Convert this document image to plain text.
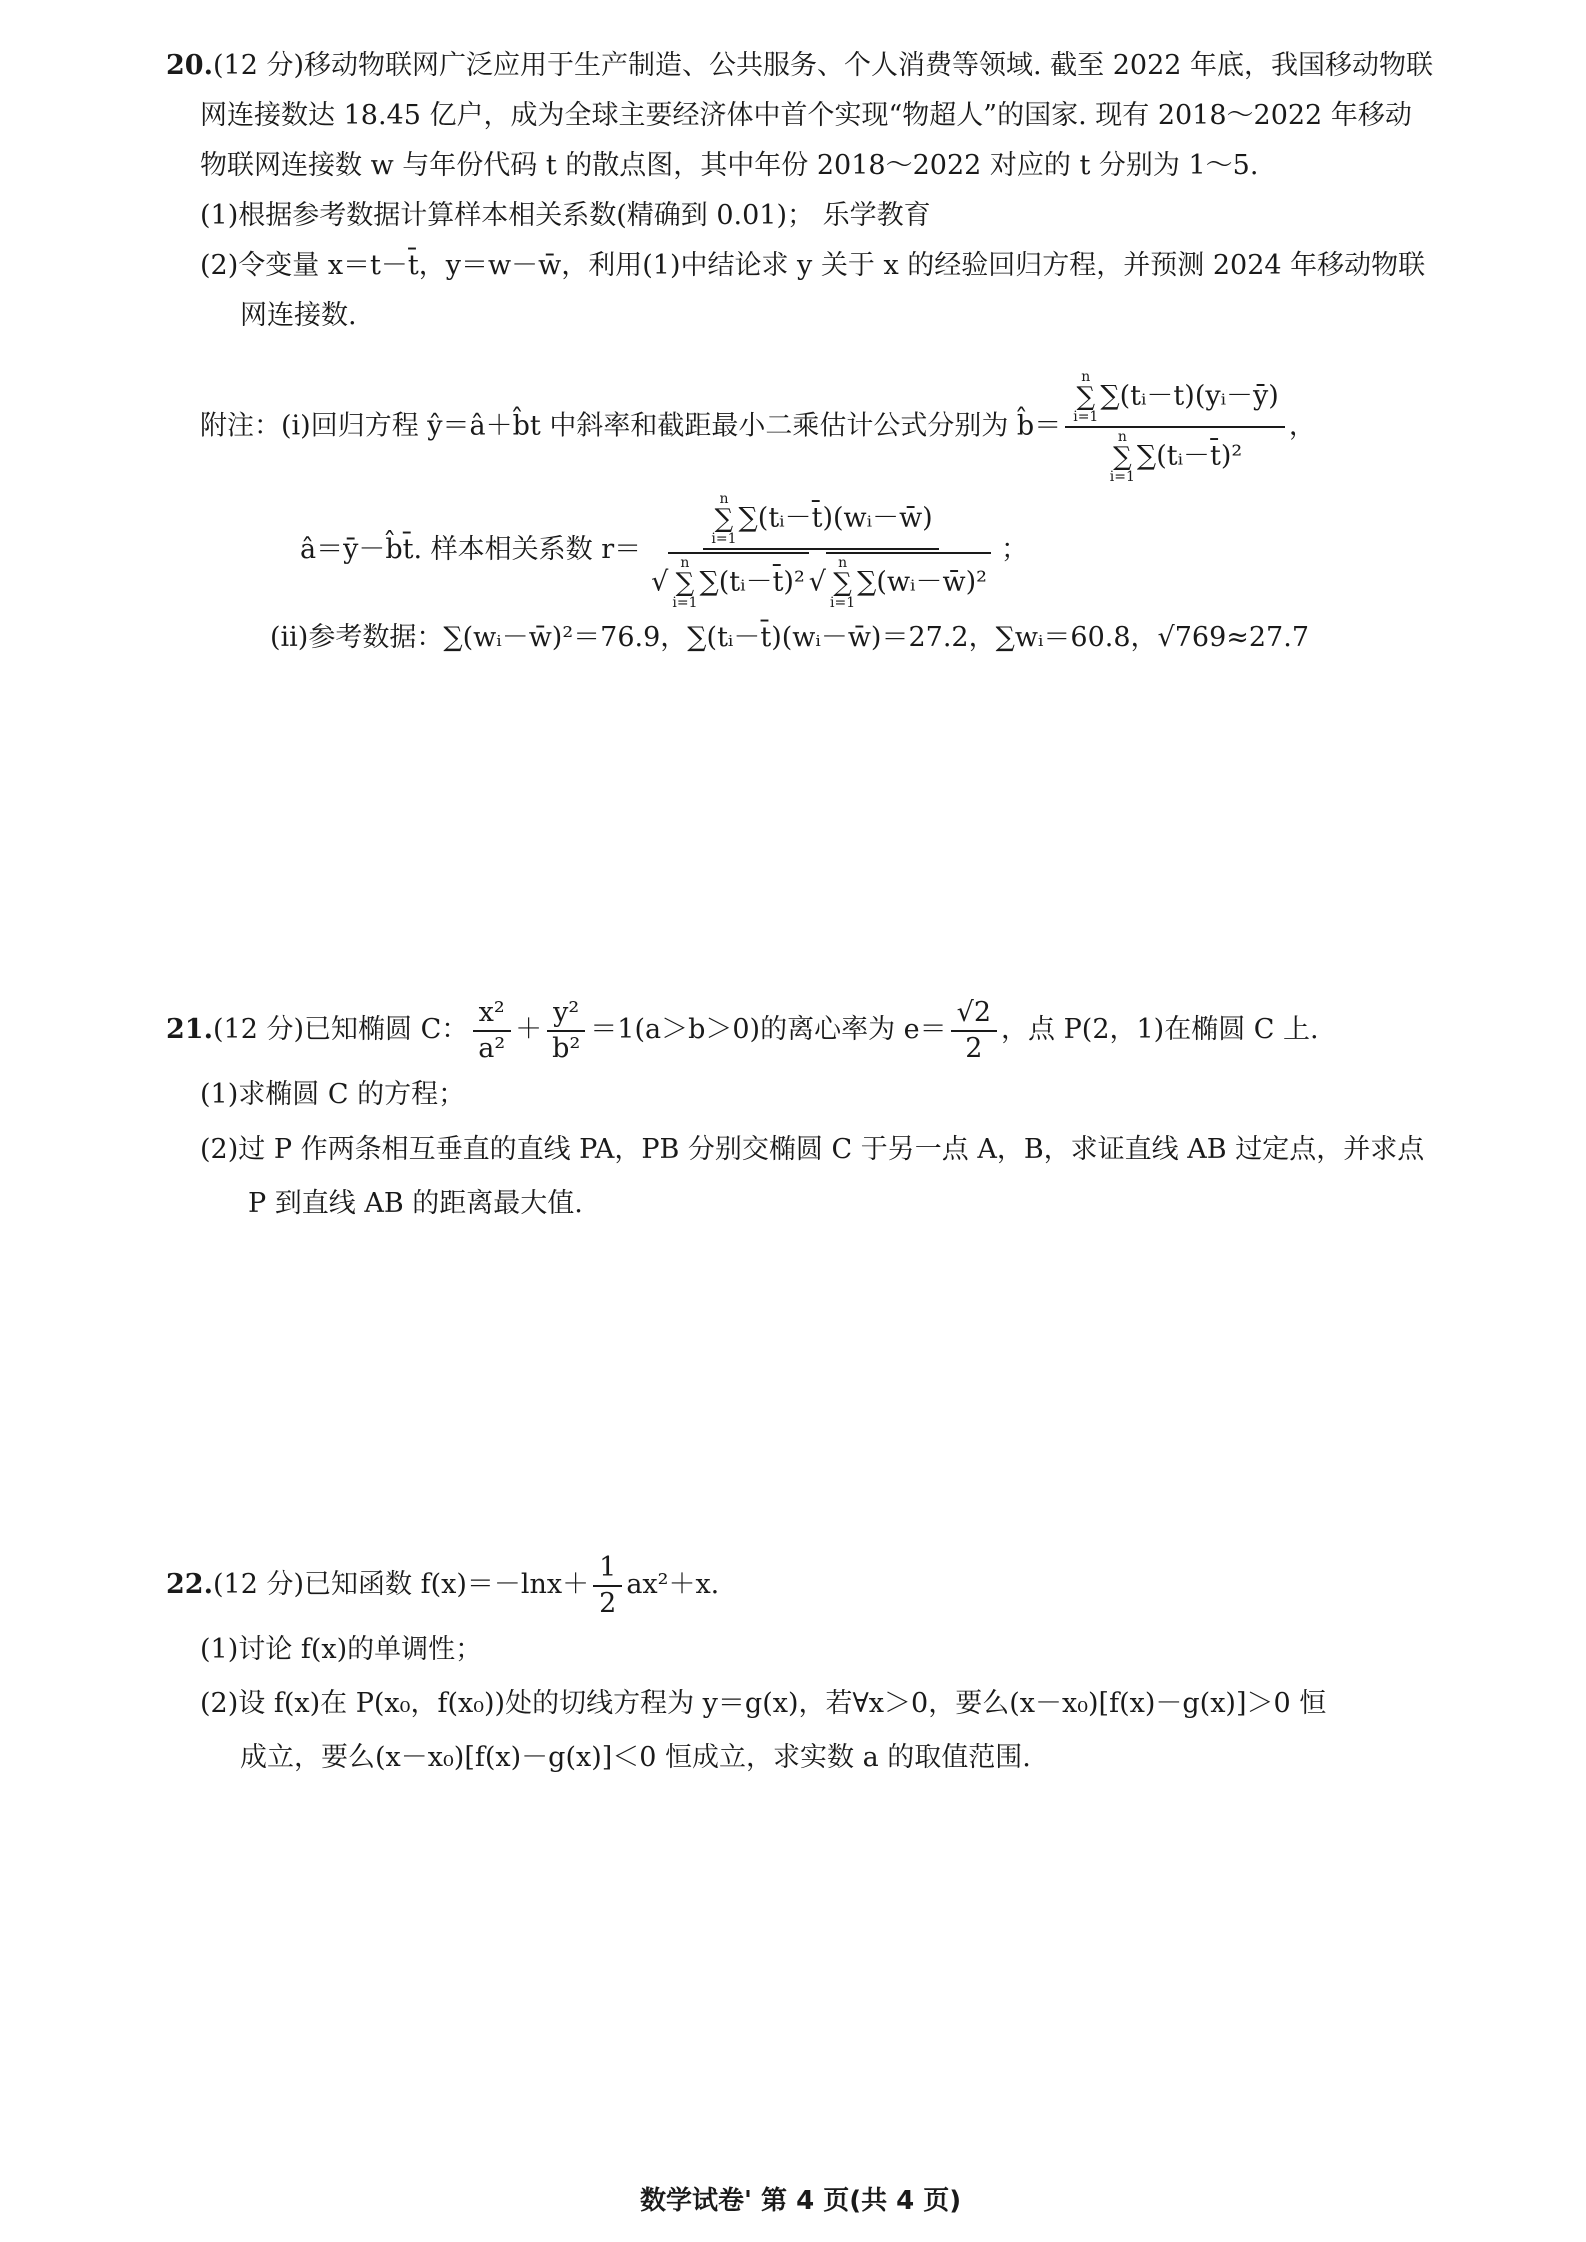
20.(12 分)移动物联网广泛应用于生产制造、公共服务、个人消费等领域. 截至 2022 年底，我国移动物联
网连接数达 18.45 亿户，成为全球主要经济体中首个实现“物超人”的国家. 现有 2018～2022 年移动
物联网连接数 w 与年份代码 t 的散点图，其中年份 2018～2022 对应的 t 分别为 1～5.
(1)根据参考数据计算样本相关系数(精确到 0.01)； 乐学教育
(2)令变量 x＝t－t̄，y＝w－w̄，利用(1)中结论求 y 关于 x 的经验回归方程，并预测 2024 年移动物联
网连接数.
附注：(i)回归方程 ŷ＝â＋b̂t 中斜率和截距最小二乘估计公式分别为 b̂＝ n
∑
i=1
∑(tᵢ－t)(yᵢ－ȳ)
n
∑
i=1
∑(tᵢ－t̄)² ，
â＝ȳ－b̂t̄. 样本相关系数 r＝ n
∑
i=1
∑(tᵢ－t̄)(wᵢ－w̄)
√
n
∑
i=1
∑(tᵢ－t̄)² √
n
∑
i=1
∑(wᵢ－w̄)² ；
(ii)参考数据：∑(wᵢ－w̄)²＝76.9，∑(tᵢ－t̄)(wᵢ－w̄)＝27.2，∑wᵢ＝60.8，√769≈27.7
21.(12 分)已知椭圆 C： $\frac{\text{x²}}{\text{a²}} + \frac{\text{y²}}{\text{b²}} =1(a>b>0)$的离心率为 $e= \frac{√2}{2}$ ，点 P(2，1)在椭圆 C 上.
(1)求椭圆 C 的方程；
(2)过 P 作两条相互垂直的直线 PA，PB 分别交椭圆 C 于另一点 A，B，求证直线 AB 过定点，并求点
P 到直线 AB 的距离最大值.
22.(12 分)已知函数 $f(x)=-\ln x+ \frac{1}{2} ax^2+x$.
(1)讨论 f(x)的单调性；
(2)设 f(x)在 P(x₀，f(x₀))处的切线方程为 y＝g(x)，若∀x＞0，要么(x－x₀)[f(x)－g(x)]＞0 恒
成立，要么(x－x₀)[f(x)－g(x)]＜0 恒成立，求实数 a 的取值范围.
数学试卷' 第 4 页(共 4 页)
